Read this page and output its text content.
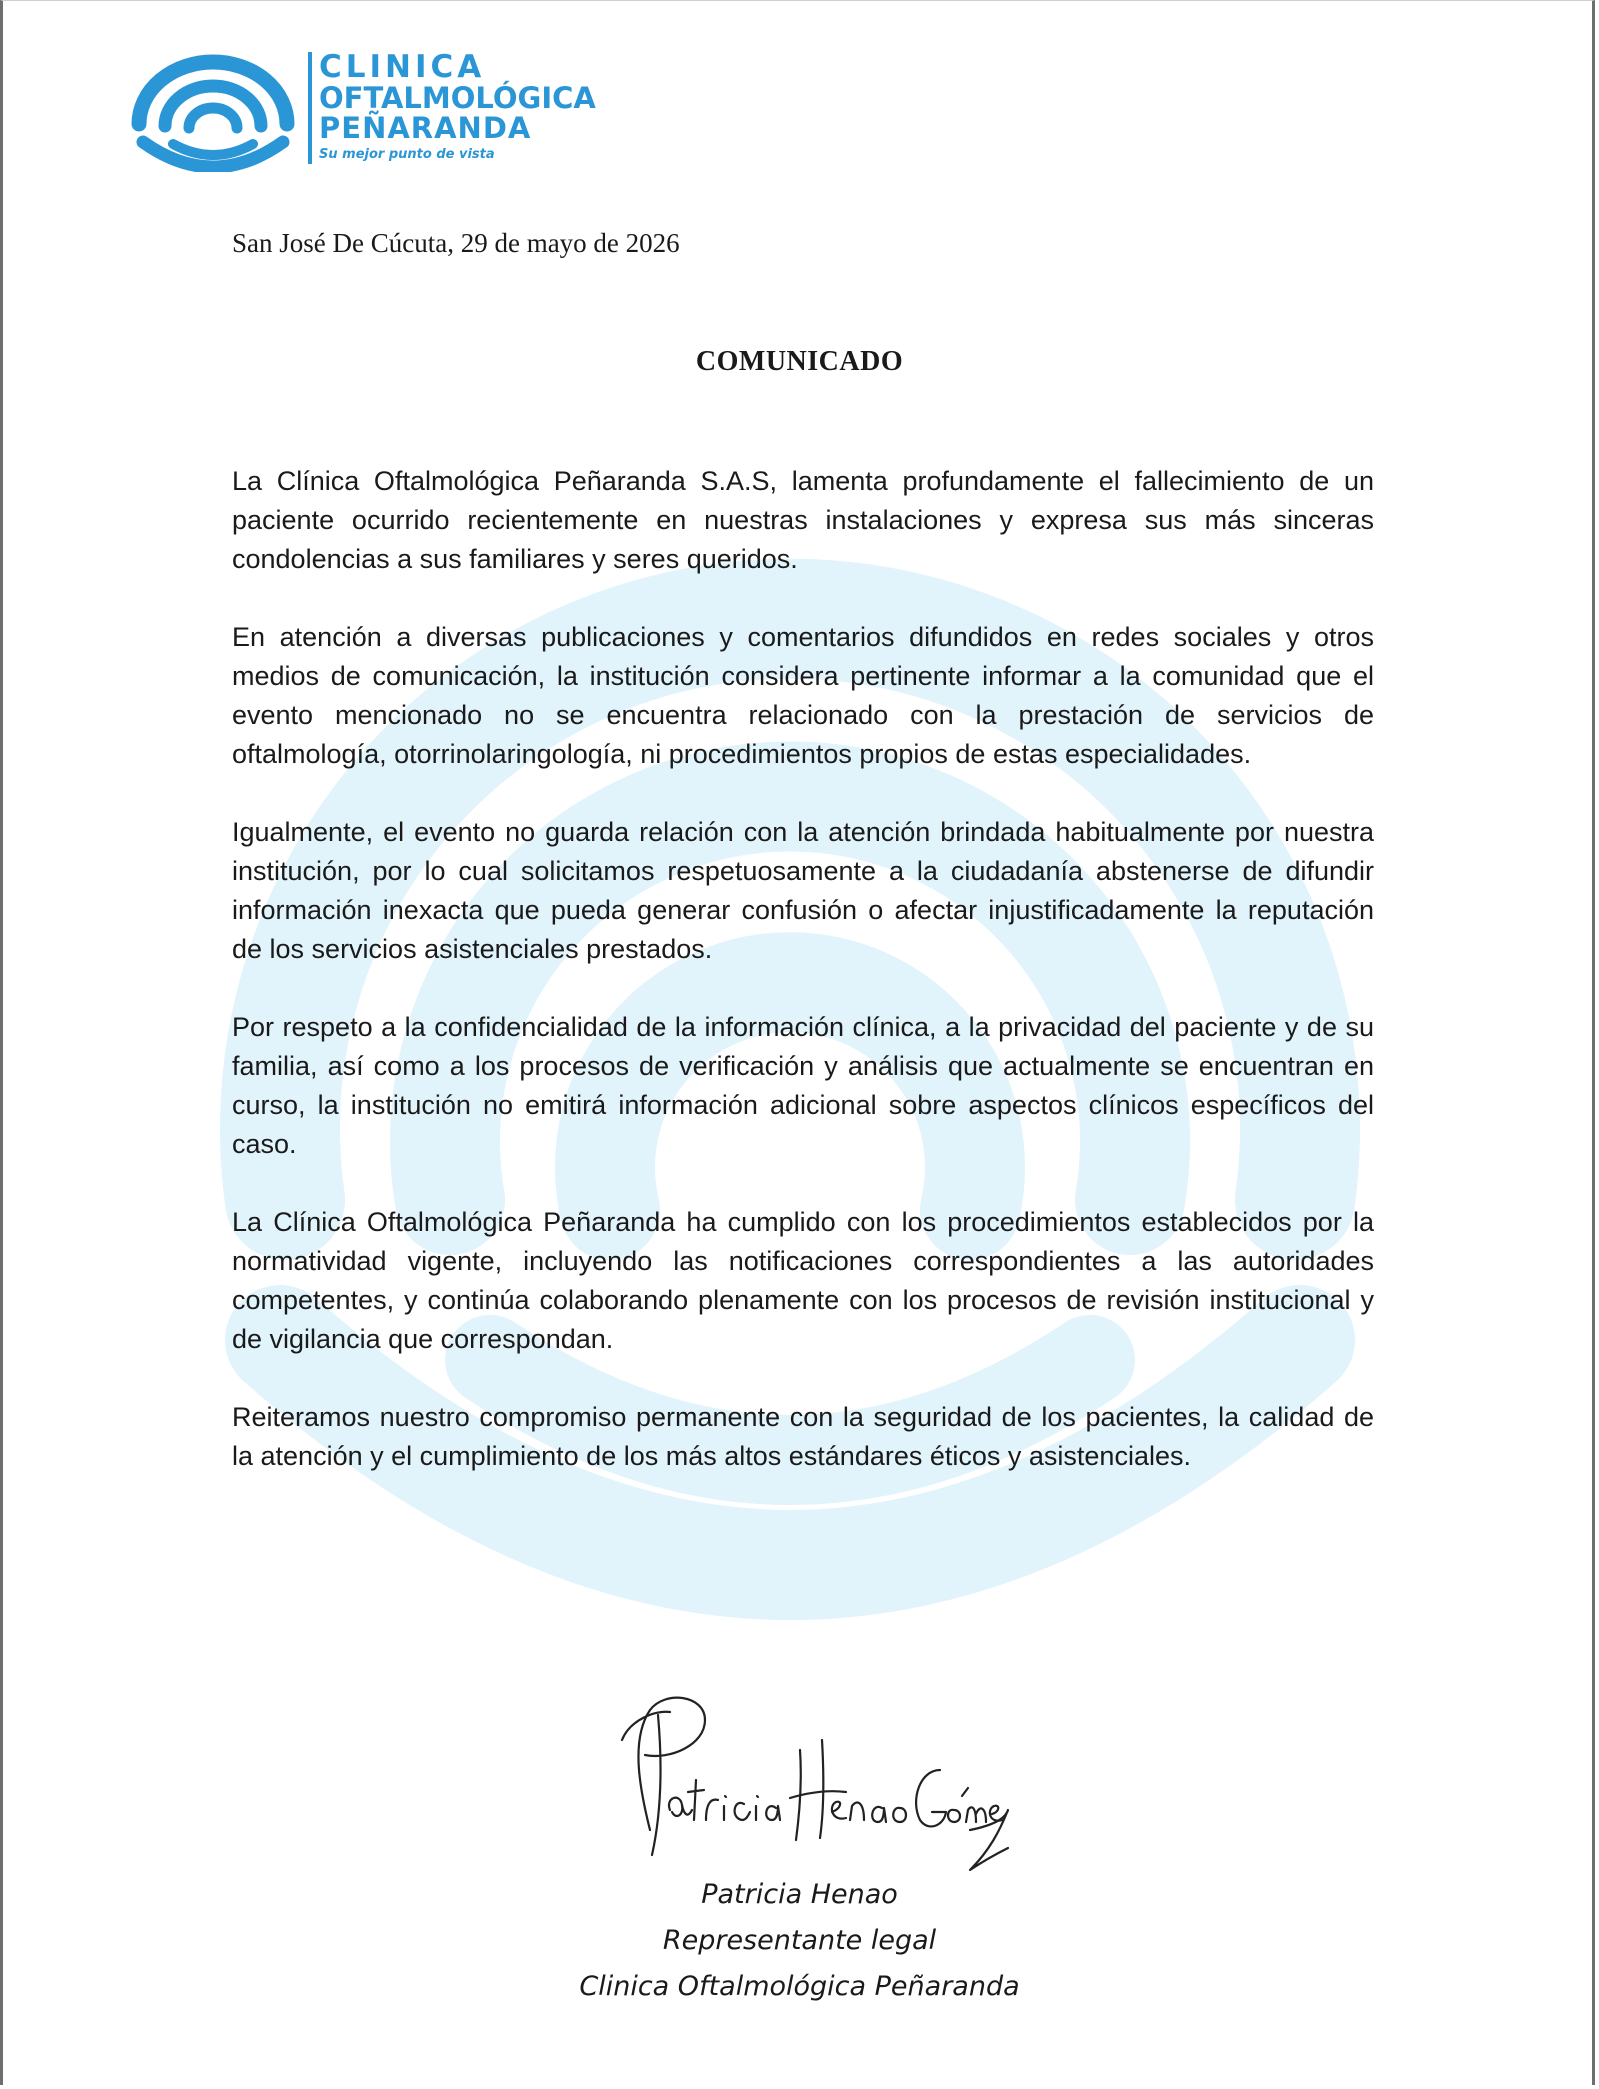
CLINICA
OFTALMOLÓGICA
PEÑARANDA
Su mejor punto de vista
San José De Cúcuta, 29 de mayo de 2026
COMUNICADO

La Clínica Oftalmológica Peñaranda S.A.S, lamenta profundamente el fallecimiento de un paciente ocurrido recientemente en nuestras instalaciones y expresa sus más sinceras condolencias a sus familiares y seres queridos.

En atención a diversas publicaciones y comentarios difundidos en redes sociales y otros medios de comunicación, la institución considera pertinente informar a la comunidad que el evento mencionado no se encuentra relacionado con la prestación de servicios de oftalmología, otorrinolaringología, ni procedimientos propios de estas especialidades.

Igualmente, el evento no guarda relación con la atención brindada habitualmente por nuestra institución, por lo cual solicitamos respetuosamente a la ciudadanía abstenerse de difundir información inexacta que pueda generar confusión o afectar injustificadamente la reputación de los servicios asistenciales prestados.

Por respeto a la confidencialidad de la información clínica, a la privacidad del paciente y de su familia, así como a los procesos de verificación y análisis que actualmente se encuentran en curso, la institución no emitirá información adicional sobre aspectos clínicos específicos del caso.

La Clínica Oftalmológica Peñaranda ha cumplido con los procedimientos establecidos por la normatividad vigente, incluyendo las notificaciones correspondientes a las autoridades competentes, y continúa colaborando plenamente con los procesos de revisión institucional y de vigilancia que correspondan.

Reiteramos nuestro compromiso permanente con la seguridad de los pacientes, la calidad de la atención y el cumplimiento de los más altos estándares éticos y asistenciales.

Patricia Henao
Representante legal
Clinica Oftalmológica Peñaranda
